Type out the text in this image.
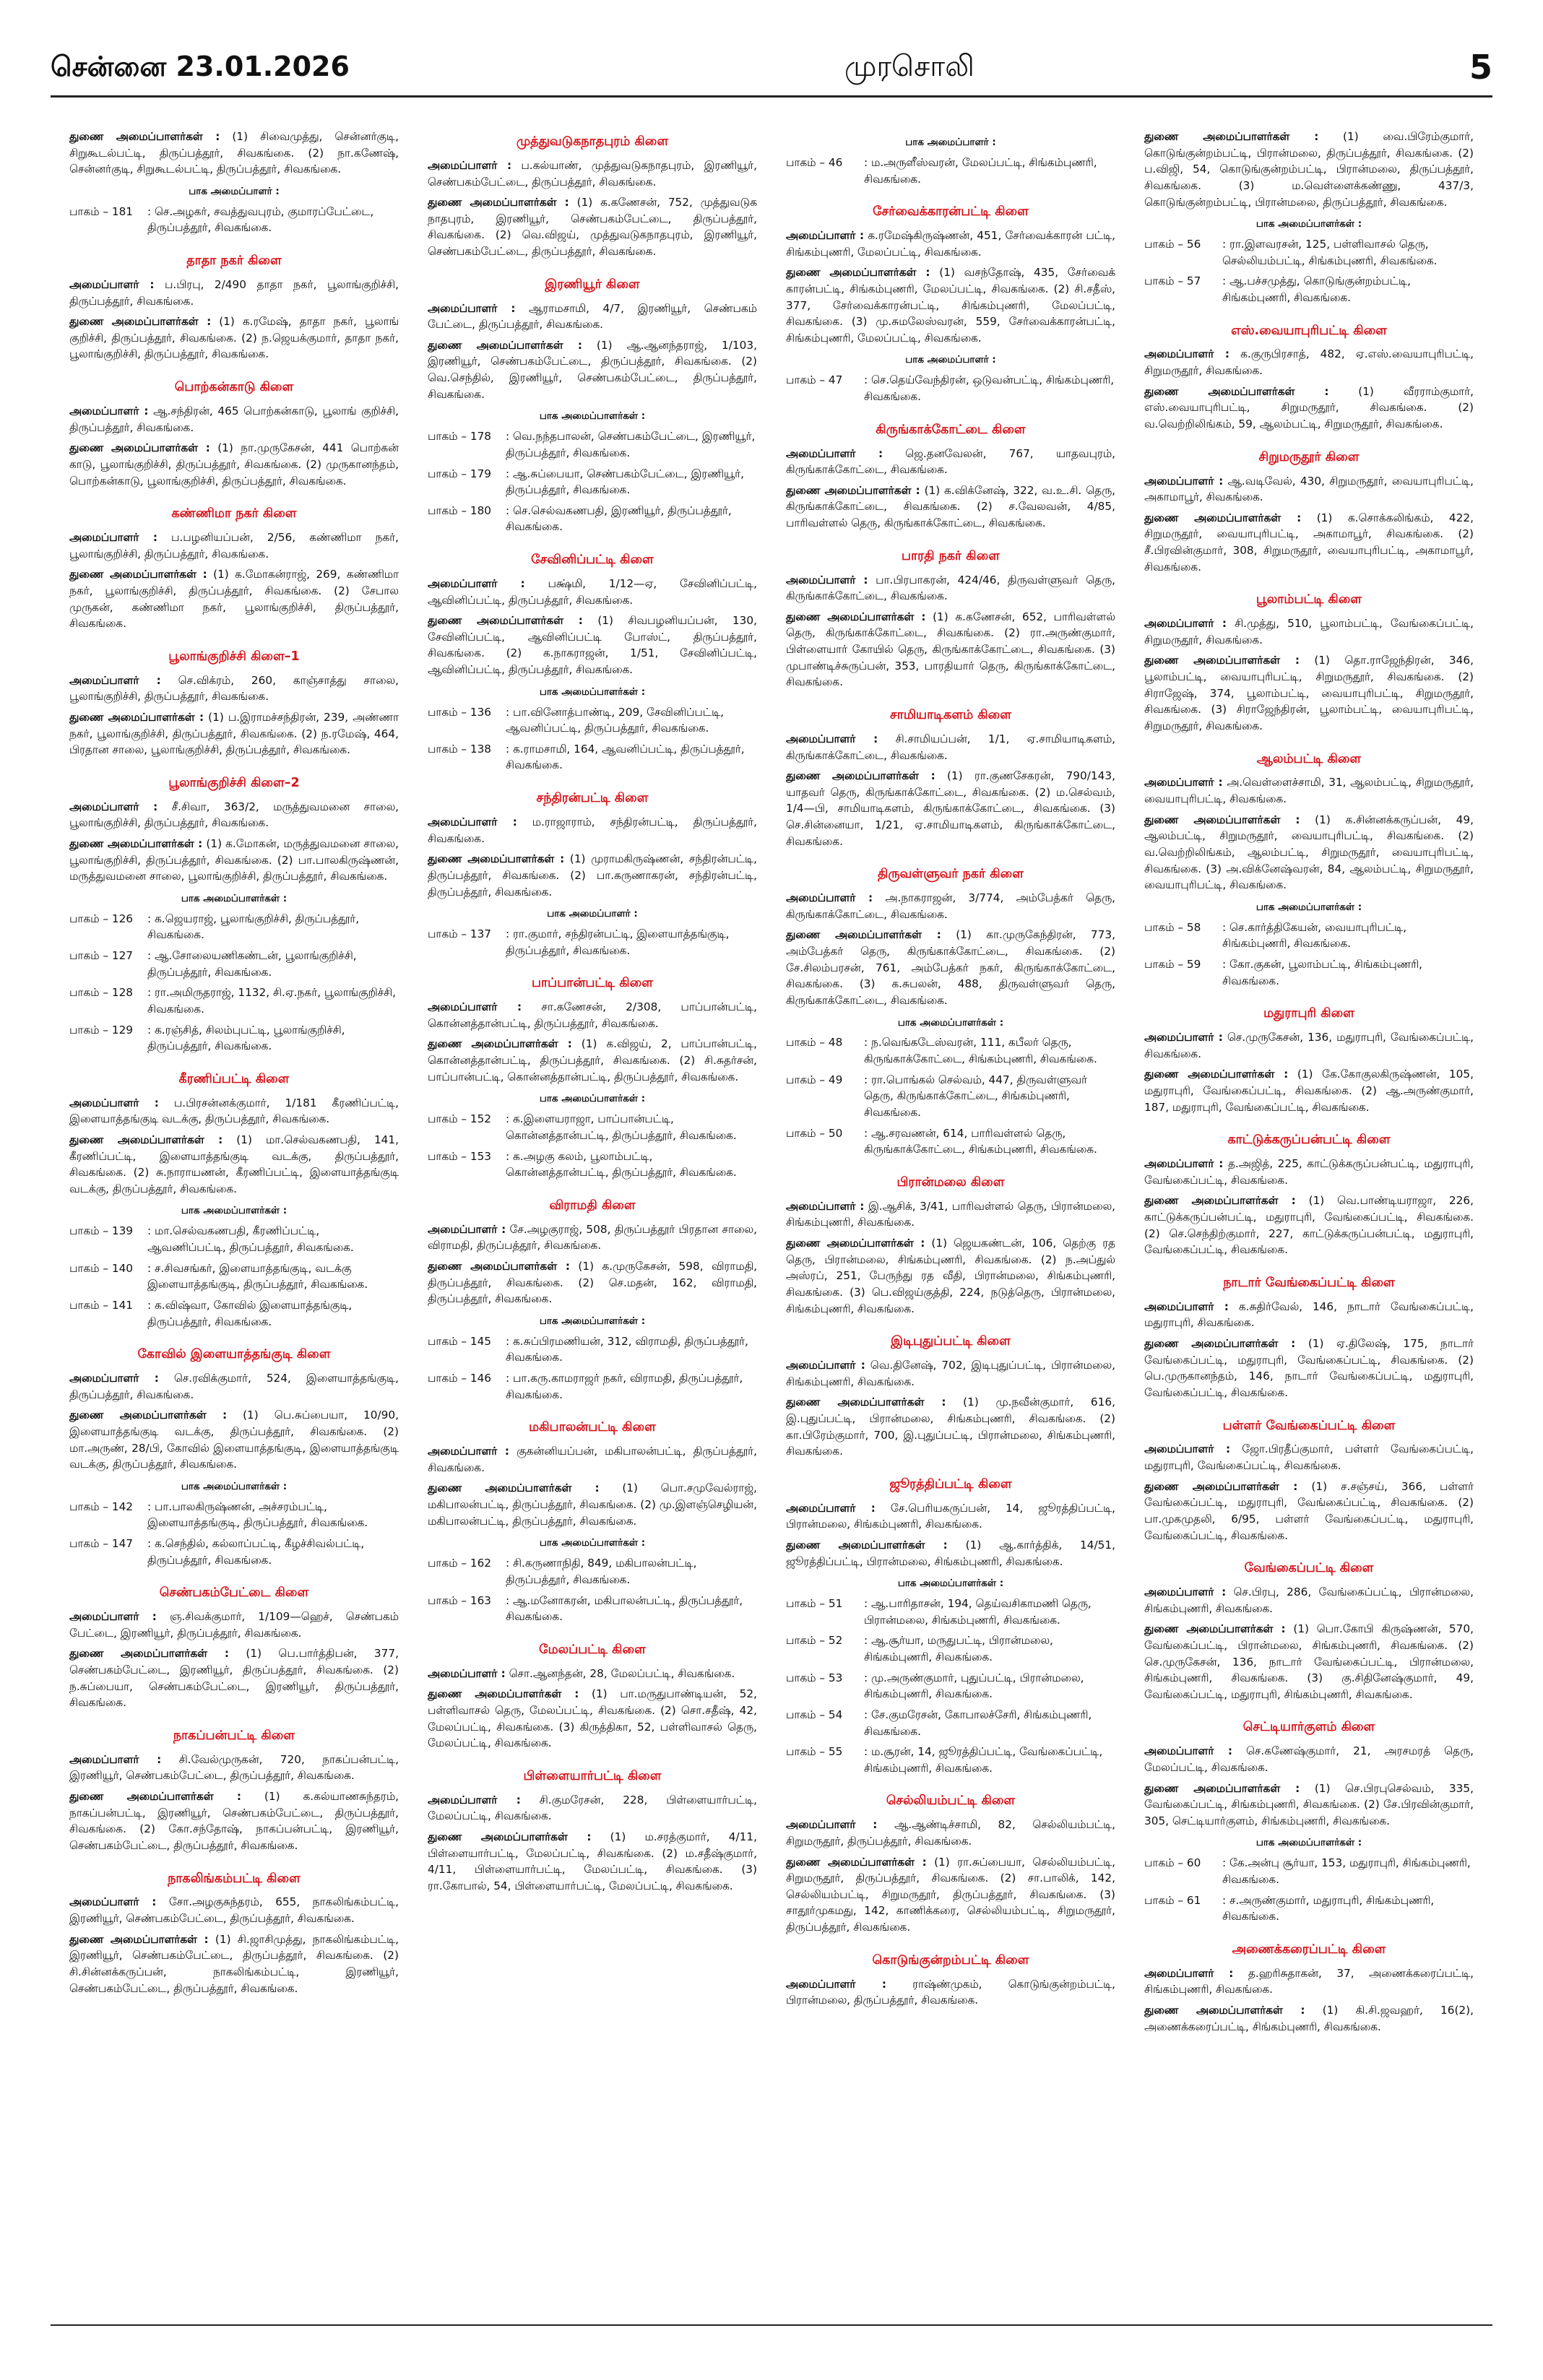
சென்னை 23.01.2026	முரசொலி	5
துணை அமைப்பாளர்கள் : (1) சிவைமுத்து, சென்னர்குடி, சிறுகூடல்பட்டி, திருப்பத்தூர், சிவகங்கை. (2) நா.கணேஷ், சென்னர்குடி, சிறுகூடல்பட்டி, திருப்பத்தூர், சிவகங்கை.
பாக அமைப்பாளர் :
பாகம் – 181	: செ.அழகர், சவத்துவபுரம், குமாரப்பேட்டை, திருப்பத்தூர், சிவகங்கை.
தாதா நகர் கிளை
அமைப்பாளர் : ப.பிரபு, 2/490 தாதா நகர், பூலாங்குறிச்சி, திருப்பத்தூர், சிவகங்கை.
துணை அமைப்பாளர்கள் : (1) க.ரமேஷ், தாதா நகர், பூலாங் குறிச்சி, திருப்பத்தூர், சிவகங்கை. (2) ந.ஜெயக்குமார், தாதா நகர், பூலாங்குறிச்சி, திருப்பத்தூர், சிவகங்கை.
பொற்கன்காடு கிளை
அமைப்பாளர் : ஆ.சந்திரன், 465 பொற்கன்காடு, பூலாங் குறிச்சி, திருப்பத்தூர், சிவகங்கை.
துணை அமைப்பாளர்கள் : (1) நா.முருகேசன், 441 பொற்கன் காடு, பூலாங்குறிச்சி, திருப்பத்தூர், சிவகங்கை. (2) முருகானந்தம், பொற்கன்காடு, பூலாங்குறிச்சி, திருப்பத்தூர், சிவகங்கை.
கண்ணிமா நகர் கிளை
அமைப்பாளர் : ப.பழனியப்பன், 2/56, கண்ணிமா நகர், பூலாங்குறிச்சி, திருப்பத்தூர், சிவகங்கை.
துணை அமைப்பாளர்கள் : (1) க.மோகன்ராஜ், 269, கண்ணிமா நகர், பூலாங்குறிச்சி, திருப்பத்தூர், சிவகங்கை. (2) சேபால முருகன், கண்ணிமா நகர், பூலாங்குறிச்சி, திருப்பத்தூர், சிவகங்கை.
பூலாங்குறிச்சி கிளை–1
அமைப்பாளர் : செ.விக்ரம், 260, காஞ்சாத்து சாலை, பூலாங்குறிச்சி, திருப்பத்தூர், சிவகங்கை.
துணை அமைப்பாளர்கள் : (1) ப.இராமச்சந்திரன், 239, அண்ணா நகர், பூலாங்குறிச்சி, திருப்பத்தூர், சிவகங்கை. (2) ந.ரமேஷ், 464, பிரதான சாலை, பூலாங்குறிச்சி, திருப்பத்தூர், சிவகங்கை.
பூலாங்குறிச்சி கிளை–2
அமைப்பாளர் : சீ.சிவா, 363/2, மருத்துவமனை சாலை, பூலாங்குறிச்சி, திருப்பத்தூர், சிவகங்கை.
துணை அமைப்பாளர்கள் : (1) க.மோகன், மருத்துவமனை சாலை, பூலாங்குறிச்சி, திருப்பத்தூர், சிவகங்கை. (2) பா.பாலகிருஷ்ணன், மருத்துவமனை சாலை, பூலாங்குறிச்சி, திருப்பத்தூர், சிவகங்கை.
பாக அமைப்பாளர்கள் :
பாகம் – 126	: க.ஜெயராஜ், பூலாங்குறிச்சி, திருப்பத்தூர், சிவகங்கை.
பாகம் – 127	: ஆ.சோலையணிகண்டன், பூலாங்குறிச்சி, திருப்பத்தூர், சிவகங்கை.
பாகம் – 128	: ரா.அமிருதராஜ், 1132, சி.ஏ.நகர், பூலாங்குறிச்சி, சிவகங்கை.
பாகம் – 129	: க.ரஞ்சித், சிலம்புபட்டி, பூலாங்குறிச்சி, திருப்பத்தூர், சிவகங்கை.
கீரணிப்பட்டி கிளை
அமைப்பாளர் : ப.பிரசன்னக்குமார், 1/181 கீரணிப்பட்டி, இளையாத்தங்குடி வடக்கு, திருப்பத்தூர், சிவகங்கை.
துணை அமைப்பாளர்கள் : (1) மா.செல்வகணபதி, 141, கீரணிப்பட்டி, இளையாத்தங்குடி வடக்கு, திருப்பத்தூர், சிவகங்கை. (2) சு.நாராயணன், கீரணிப்பட்டி, இளையாத்தங்குடி வடக்கு, திருப்பத்தூர், சிவகங்கை.
பாக அமைப்பாளர்கள் :
பாகம் – 139	: மா.செல்வகணபதி, கீரணிப்பட்டி, ஆவணிப்பட்டி, திருப்பத்தூர், சிவகங்கை.
பாகம் – 140	: ச.சிவசங்கர், இளையாத்தங்குடி, வடக்கு இளையாத்தங்குடி, திருப்பத்தூர், சிவகங்கை.
பாகம் – 141	: க.விஷ்வா, கோவில் இளையாத்தங்குடி, திருப்பத்தூர், சிவகங்கை.
கோவில் இளையாத்தங்குடி கிளை
அமைப்பாளர் : செ.ரவிக்குமார், 524, இளையாத்தங்குடி, திருப்பத்தூர், சிவகங்கை.
துணை அமைப்பாளர்கள் : (1) பெ.சுப்பையா, 10/90, இளையாத்தங்குடி வடக்கு, திருப்பத்தூர், சிவகங்கை. (2) மா.அருண், 28/பி, கோவில் இளையாத்தங்குடி, இளையாத்தங்குடி வடக்கு, திருப்பத்தூர், சிவகங்கை.
பாக அமைப்பாளர்கள் :
பாகம் – 142	: பா.பாலகிருஷ்ணன், அச்சரம்பட்டி, இளையாத்தங்குடி, திருப்பத்தூர், சிவகங்கை.
பாகம் – 147	: க.செந்தில், கல்லாப்பட்டி, கீழச்சிவல்பட்டி, திருப்பத்தூர், சிவகங்கை.
செண்பகம்பேட்டை கிளை
அமைப்பாளர் : ஞ.சிவக்குமார், 1/109—ஹெச், செண்பகம் பேட்டை, இரணியூர், திருப்பத்தூர், சிவகங்கை.
துணை அமைப்பாளர்கள் : (1) பெ.பார்த்திபன், 377, செண்பகம்பேட்டை, இரணியூர், திருப்பத்தூர், சிவகங்கை. (2) ந.சுப்பையா, செண்பகம்பேட்டை, இரணியூர், திருப்பத்தூர், சிவகங்கை.
நாகப்பன்பட்டி கிளை
அமைப்பாளர் : சி.வேல்முருகன், 720, நாகப்பன்பட்டி, இரணியூர், செண்பகம்பேட்டை, திருப்பத்தூர், சிவகங்கை.
துணை அமைப்பாளர்கள் : (1) க.கல்யாணசுந்தரம், நாகப்பன்பட்டி, இரணியூர், செண்பகம்பேட்டை, திருப்பத்தூர், சிவகங்கை. (2) கோ.சந்தோஷ், நாகப்பன்பட்டி, இரணியூர், செண்பகம்பேட்டை, திருப்பத்தூர், சிவகங்கை.
நாகலிங்கம்பட்டி கிளை
அமைப்பாளர் : சோ.அழகுசுந்தரம், 655, நாகலிங்கம்பட்டி, இரணியூர், செண்பகம்பேட்டை, திருப்பத்தூர், சிவகங்கை.
துணை அமைப்பாளர்கள் : (1) சி.ஜாசிமுத்து, நாகலிங்கம்பட்டி, இரணியூர், செண்பகம்பேட்டை, திருப்பத்தூர், சிவகங்கை. (2) சி.சின்னக்கருப்பன், நாகலிங்கம்பட்டி, இரணியூர், செண்பகம்பேட்டை, திருப்பத்தூர், சிவகங்கை.
முத்துவடுகநாதபுரம் கிளை
அமைப்பாளர் : ப.கல்யாண், முத்துவடுகநாதபுரம், இரணியூர், செண்பகம்பேட்டை, திருப்பத்தூர், சிவகங்கை.
துணை அமைப்பாளர்கள் : (1) க.கணேசன், 752, முத்துவடுக நாதபுரம், இரணியூர், செண்பகம்பேட்டை, திருப்பத்தூர், சிவகங்கை. (2) வெ.விஜய், முத்துவடுகநாதபுரம், இரணியூர், செண்பகம்பேட்டை, திருப்பத்தூர், சிவகங்கை.
இரணியூர் கிளை
அமைப்பாளர் : ஆராமசாமி, 4/7, இரணியூர், செண்பகம் பேட்டை, திருப்பத்தூர், சிவகங்கை.
துணை அமைப்பாளர்கள் : (1) ஆ.ஆனந்தராஜ், 1/103, இரணியூர், செண்பகம்பேட்டை, திருப்பத்தூர், சிவகங்கை. (2) வெ.செந்தில், இரணியூர், செண்பகம்பேட்டை, திருப்பத்தூர், சிவகங்கை.
பாக அமைப்பாளர்கள் :
பாகம் – 178	: வெ.நந்தபாலன், செண்பகம்பேட்டை, இரணியூர், திருப்பத்தூர், சிவகங்கை.
பாகம் – 179	: ஆ.சுப்பையா, செண்பகம்பேட்டை, இரணியூர், திருப்பத்தூர், சிவகங்கை.
பாகம் – 180	: செ.செல்வகணபதி, இரணியூர், திருப்பத்தூர், சிவகங்கை.
சேவினிப்பட்டி கிளை
அமைப்பாளர் : பக்ஷ்மி, 1/12—ஏ, சேவினிப்பட்டி, ஆவினிப்பட்டி, திருப்பத்தூர், சிவகங்கை.
துணை அமைப்பாளர்கள் : (1) சிவபழனியப்பன், 130, சேவினிப்பட்டி, ஆவினிப்பட்டி போஸ்ட், திருப்பத்தூர், சிவகங்கை. (2) க.நாகராஜன், 1/51, சேவினிப்பட்டி, ஆவினிப்பட்டி, திருப்பத்தூர், சிவகங்கை.
பாக அமைப்பாளர்கள் :
பாகம் – 136	: பா.வினோத்பாண்டி, 209, சேவினிப்பட்டி, ஆவனிப்பட்டி, திருப்பத்தூர், சிவகங்கை.
பாகம் – 138	: க.ராமசாமி, 164, ஆவனிப்பட்டி, திருப்பத்தூர், சிவகங்கை.
சந்திரன்பட்டி கிளை
அமைப்பாளர் : ம.ராஜாராம், சந்திரன்பட்டி, திருப்பத்தூர், சிவகங்கை.
துணை அமைப்பாளர்கள் : (1) முராமகிருஷ்ணன், சந்திரன்பட்டி, திருப்பத்தூர், சிவகங்கை. (2) பா.கருணாகரன், சந்திரன்பட்டி, திருப்பத்தூர், சிவகங்கை.
பாக அமைப்பாளர் :
பாகம் – 137	: ரா.குமார், சந்திரன்பட்டி, இளையாத்தங்குடி, திருப்பத்தூர், சிவகங்கை.
பாப்பான்பட்டி கிளை
அமைப்பாளர் : சா.கணேசன், 2/308, பாப்பான்பட்டி, கொன்னத்தான்பட்டி, திருப்பத்தூர், சிவகங்கை.
துணை அமைப்பாளர்கள் : (1) க.விஜய், 2, பாப்பான்பட்டி, கொன்னத்தான்பட்டி, திருப்பத்தூர், சிவகங்கை. (2) சி.சுதர்சன், பாப்பான்பட்டி, கொன்னத்தான்பட்டி, திருப்பத்தூர், சிவகங்கை.
பாக அமைப்பாளர்கள் :
பாகம் – 152	: க.இளையராஜா, பாப்பான்பட்டி, கொன்னத்தான்பட்டி, திருப்பத்தூர், சிவகங்கை.
பாகம் – 153	: க.அழகு கலம், பூலாம்பட்டி, கொன்னத்தான்பட்டி, திருப்பத்தூர், சிவகங்கை.
விராமதி கிளை
அமைப்பாளர் : சே.அழகுராஜ், 508, திருப்பத்தூர் பிரதான சாலை, விராமதி, திருப்பத்தூர், சிவகங்கை.
துணை அமைப்பாளர்கள் : (1) க.முருகேசன், 598, விராமதி, திருப்பத்தூர், சிவகங்கை. (2) செ.மதன், 162, விராமதி, திருப்பத்தூர், சிவகங்கை.
பாக அமைப்பாளர்கள் :
பாகம் – 145	: க.சுப்பிரமணியன், 312, விராமதி, திருப்பத்தூர், சிவகங்கை.
பாகம் – 146	: பா.கரு.காமராஜர் நகர், விராமதி, திருப்பத்தூர், சிவகங்கை.
மகிபாலன்பட்டி கிளை
அமைப்பாளர் : குகன்னியப்பன், மகிபாலன்பட்டி, திருப்பத்தூர், சிவகங்கை.
துணை அமைப்பாளர்கள் : (1) பொ.சமுவேல்ராஜ், மகிபாலன்பட்டி, திருப்பத்தூர், சிவகங்கை. (2) மு.இளஞ்செழியன், மகிபாலன்பட்டி, திருப்பத்தூர், சிவகங்கை.
பாக அமைப்பாளர்கள் :
பாகம் – 162	: சி.கருணாநிதி, 849, மகிபாலன்பட்டி, திருப்பத்தூர், சிவகங்கை.
பாகம் – 163	: ஆ.மனோகரன், மகிபாலன்பட்டி, திருப்பத்தூர், சிவகங்கை.
மேலப்பட்டி கிளை
அமைப்பாளர் : சொ.ஆனந்தன், 28, மேலப்பட்டி, சிவகங்கை.
துணை அமைப்பாளர்கள் : (1) பா.மருதுபாண்டியன், 52, பள்ளிவாசல் தெரு, மேலப்பட்டி, சிவகங்கை. (2) சொ.சதீஷ், 42, மேலப்பட்டி, சிவகங்கை. (3) கிருத்திகா, 52, பள்ளிவாசல் தெரு, மேலப்பட்டி, சிவகங்கை.
பிள்ளையார்பட்டி கிளை
அமைப்பாளர் : சி.குமரேசன், 228, பிள்ளையார்பட்டி, மேலப்பட்டி, சிவகங்கை.
துணை அமைப்பாளர்கள் : (1) ம.சரத்குமார், 4/11, பிள்ளையார்பட்டி, மேலப்பட்டி, சிவகங்கை. (2) ம.சதீஷ்குமார், 4/11, பிள்ளையார்பட்டி, மேலப்பட்டி, சிவகங்கை. (3) ரா.கோபால், 54, பிள்ளையார்பட்டி, மேலப்பட்டி, சிவகங்கை.
பாக அமைப்பாளர் :
பாகம் – 46	: ம.அருளீஸ்வரன், மேலப்பட்டி, சிங்கம்புணரி, சிவகங்கை.
சேர்வைக்காரன்பட்டி கிளை
அமைப்பாளர் : க.ரமேஷ்கிருஷ்ணன், 451, சேர்வைக்காரன் பட்டி, சிங்கம்புணரி, மேலப்பட்டி, சிவகங்கை.
துணை அமைப்பாளர்கள் : (1) வசந்தோஷ், 435, சேர்வைக் காரன்பட்டி, சிங்கம்புணரி, மேலப்பட்டி, சிவகங்கை. (2) சி.சதீஸ், 377, சேர்வைக்காரன்பட்டி, சிங்கம்புணரி, மேலப்பட்டி, சிவகங்கை. (3) மு.சுமலேஸ்வரன், 559, சேர்வைக்காரன்பட்டி, சிங்கம்புணரி, மேலப்பட்டி, சிவகங்கை.
பாக அமைப்பாளர் :
பாகம் – 47	: செ.தெய்வேந்திரன், ஒடுவன்பட்டி, சிங்கம்புணரி, சிவகங்கை.
கிருங்காக்கோட்டை கிளை
அமைப்பாளர் : ஜெ.தனவேலன், 767, யாதவபுரம், கிருங்காக்கோட்டை, சிவகங்கை.
துணை அமைப்பாளர்கள் : (1) க.விக்னேஷ், 322, வ.உ.சி. தெரு, கிருங்காக்கோட்டை, சிவகங்கை. (2) ச.வேலவன், 4/85, பாரிவள்ளல் தெரு, கிருங்காக்கோட்டை, சிவகங்கை.
பாரதி நகர் கிளை
அமைப்பாளர் : பா.பிரபாகரன், 424/46, திருவள்ளுவர் தெரு, கிருங்காக்கோட்டை, சிவகங்கை.
துணை அமைப்பாளர்கள் : (1) க.கணேசன், 652, பாரிவள்ளல் தெரு, கிருங்காக்கோட்டை, சிவகங்கை. (2) ரா.அருண்குமார், பிள்ளையார் கோயில் தெரு, கிருங்காக்கோட்டை, சிவகங்கை. (3) முபாண்டிச்சுருப்பன், 353, பாரதியார் தெரு, கிருங்காக்கோட்டை, சிவகங்கை.
சாமியாடிகளம் கிளை
அமைப்பாளர் : சி.சாமியப்பன், 1/1, ஏ.சாமியாடிகளம், கிருங்காக்கோட்டை, சிவகங்கை.
துணை அமைப்பாளர்கள் : (1) ரா.குணசேகரன், 790/143, யாதவர் தெரு, கிருங்காக்கோட்டை, சிவகங்கை. (2) ம.செல்வம், 1/4—பி, சாமியாடிகளம், கிருங்காக்கோட்டை, சிவகங்கை. (3) செ.சின்னையா, 1/21, ஏ.சாமியாடிகளம், கிருங்காக்கோட்டை, சிவகங்கை.
திருவள்ளுவர் நகர் கிளை
அமைப்பாளர் : அ.நாகராஜன், 3/774, அம்பேத்கர் தெரு, கிருங்காக்கோட்டை, சிவகங்கை.
துணை அமைப்பாளர்கள் : (1) கா.முருகேந்திரன், 773, அம்பேத்கர் தெரு, கிருங்காக்கோட்டை, சிவகங்கை. (2) சே.சிலம்பரசன், 761, அம்பேத்கர் நகர், கிருங்காக்கோட்டை, சிவகங்கை. (3) க.சுபலன், 488, திருவள்ளுவர் தெரு, கிருங்காக்கோட்டை, சிவகங்கை.
பாக அமைப்பாளர்கள் :
பாகம் – 48	: ந.வெங்கடேஸ்வரன், 111, கபீலர் தெரு, கிருங்காக்கோட்டை, சிங்கம்புணரி, சிவகங்கை.
பாகம் – 49	: ரா.பொங்கல் செல்வம், 447, திருவள்ளுவர் தெரு, கிருங்காக்கோட்டை, சிங்கம்புணரி, சிவகங்கை.
பாகம் – 50	: ஆ.சரவணன், 614, பாரிவள்ளல் தெரு, கிருங்காக்கோட்டை, சிங்கம்புணரி, சிவகங்கை.
பிரான்மலை கிளை
அமைப்பாளர் : இ.ஆசிக், 3/41, பாரிவள்ளல் தெரு, பிரான்மலை, சிங்கம்புணரி, சிவகங்கை.
துணை அமைப்பாளர்கள் : (1) ஜெயகண்டன், 106, தெற்கு ரத தெரு, பிரான்மலை, சிங்கம்புணரி, சிவகங்கை. (2) ந.அப்துல் அஸ்ரப், 251, பேருந்து ரத வீதி, பிரான்மலை, சிங்கம்புணரி, சிவகங்கை. (3) பெ.விஜய்குத்தி, 224, நடுத்தெரு, பிரான்மலை, சிங்கம்புணரி, சிவகங்கை.
இடிபுதுப்பட்டி கிளை
அமைப்பாளர் : வெ.தினேஷ், 702, இடிபுதுப்பட்டி, பிரான்மலை, சிங்கம்புணரி, சிவகங்கை.
துணை அமைப்பாளர்கள் : (1) மு.நவீன்குமார், 616, இ.புதுப்பட்டி, பிரான்மலை, சிங்கம்புணரி, சிவகங்கை. (2) கா.பிரேம்குமார், 700, இ.புதுப்பட்டி, பிரான்மலை, சிங்கம்புணரி, சிவகங்கை.
ஜூரத்திப்பட்டி கிளை
அமைப்பாளர் : சே.பெரியகருப்பன், 14, ஜூரத்திப்பட்டி, பிரான்மலை, சிங்கம்புணரி, சிவகங்கை.
துணை அமைப்பாளர்கள் : (1) ஆ.கார்த்திக், 14/51, ஜூரத்திப்பட்டி, பிரான்மலை, சிங்கம்புணரி, சிவகங்கை.
பாக அமைப்பாளர்கள் :
பாகம் – 51	: ஆ.பாரிதாசன், 194, தெய்வசிகாமணி தெரு, பிரான்மலை, சிங்கம்புணரி, சிவகங்கை.
பாகம் – 52	: ஆ.சூர்யா, மருதுபட்டி, பிரான்மலை, சிங்கம்புணரி, சிவகங்கை.
பாகம் – 53	: மு.அருண்குமார், புதுப்பட்டி, பிரான்மலை, சிங்கம்புணரி, சிவகங்கை.
பாகம் – 54	: சே.குமரேசன், கோபாலச்சேரி, சிங்கம்புணரி, சிவகங்கை.
பாகம் – 55	: ம.சூரன், 14, ஜூரத்திப்பட்டி, வேங்கைப்பட்டி, சிங்கம்புணரி, சிவகங்கை.
செல்லியம்பட்டி கிளை
அமைப்பாளர் : ஆ.ஆண்டிச்சாமி, 82, செல்லியம்பட்டி, சிறுமருதூர், திருப்பத்தூர், சிவகங்கை.
துணை அமைப்பாளர்கள் : (1) ரா.சுப்பையா, செல்லியம்பட்டி, சிறுமருதூர், திருப்பத்தூர், சிவகங்கை. (2) சா.பாலிக், 142, செல்லியம்பட்டி, சிறுமருதூர், திருப்பத்தூர், சிவகங்கை. (3) சாதூர்முகமது, 142, காணிக்கரை, செல்லியம்பட்டி, சிறுமருதூர், திருப்பத்தூர், சிவகங்கை.
கொடுங்குன்றம்பட்டி கிளை
அமைப்பாளர் : ராஷ்ண்முகம், கொடுங்குன்றம்பட்டி, பிரான்மலை, திருப்பத்தூர், சிவகங்கை.
துணை அமைப்பாளர்கள் : (1) வை.பிரேம்குமார், கொடுங்குன்றம்பட்டி, பிரான்மலை, திருப்பத்தூர், சிவகங்கை. (2) ப.விஜி, 54, கொடுங்குன்றம்பட்டி, பிரான்மலை, திருப்பத்தூர், சிவகங்கை. (3) ம.வெள்ளைக்கண்ணு, 437/3, கொடுங்குன்றம்பட்டி, பிரான்மலை, திருப்பத்தூர், சிவகங்கை.
பாக அமைப்பாளர்கள் :
பாகம் – 56	: ரா.இளவரசன், 125, பள்ளிவாசல் தெரு, செல்லியம்பட்டி, சிங்கம்புணரி, சிவகங்கை.
பாகம் – 57	: ஆ.பச்சமுத்து, கொடுங்குன்றம்பட்டி, சிங்கம்புணரி, சிவகங்கை.
எஸ்.வையாபுரிபட்டி கிளை
அமைப்பாளர் : க.குருபிரசாத், 482, ஏ.எஸ்.வையாபுரிபட்டி, சிறுமருதூர், சிவகங்கை.
துணை அமைப்பாளர்கள் :	(1) வீரராம்குமார், எஸ்.வையாபுரிபட்டி, சிறுமருதூர், சிவகங்கை. (2) வ.வெற்றிலிங்கம், 59, ஆலம்பட்டி, சிறுமருதூர், சிவகங்கை.
சிறுமருதூர் கிளை
அமைப்பாளர் : ஆ.வடிவேல், 430, சிறுமருதூர், வையாபுரிபட்டி, அகாமாபூர், சிவகங்கை.
துணை அமைப்பாளர்கள் : (1) க.சொக்கலிங்கம், 422, சிறுமருதூர், வையாபுரிபட்டி, அகாமாபூர், சிவகங்கை. (2) சீ.பிரவின்குமார், 308, சிறுமருதூர், வையாபுரிபட்டி, அகாமாபூர், சிவகங்கை.
பூலாம்பட்டி கிளை
அமைப்பாளர் : சி.முத்து, 510, பூலாம்பட்டி, வேங்கைப்பட்டி, சிறுமருதூர், சிவகங்கை.
துணை அமைப்பாளர்கள் : (1) தொ.ராஜேந்திரன், 346, பூலாம்பட்டி, வையாபுரிபட்டி, சிறுமருதூர், சிவகங்கை. (2) சிராஜேஷ், 374, பூலாம்பட்டி, வையாபுரிபட்டி, சிறுமருதூர், சிவகங்கை. (3) சிராஜேந்திரன், பூலாம்பட்டி, வையாபுரிபட்டி, சிறுமருதூர், சிவகங்கை.
ஆலம்பட்டி கிளை
அமைப்பாளர் : அ.வெள்ளைச்சாமி, 31, ஆலம்பட்டி, சிறுமருதூர், வையாபுரிபட்டி, சிவகங்கை.
துணை அமைப்பாளர்கள் : (1) க.சின்னக்கருப்பன், 49, ஆலம்பட்டி, சிறுமருதூர், வையாபுரிபட்டி, சிவகங்கை. (2) வ.வெற்றிலிங்கம், ஆலம்பட்டி, சிறுமருதூர், வையாபுரிபட்டி, சிவகங்கை. (3) அ.விக்னேஷ்வரன், 84, ஆலம்பட்டி, சிறுமருதூர், வையாபுரிபட்டி, சிவகங்கை.
பாக அமைப்பாளர்கள் :
பாகம் – 58	: செ.கார்த்திகேயன், வையாபுரிபட்டி, சிங்கம்புணரி, சிவகங்கை.
பாகம் – 59	: கோ.குகன், பூலாம்பட்டி, சிங்கம்புணரி, சிவகங்கை.
மதுராபுரி கிளை
அமைப்பாளர் : செ.முருகேசன், 136, மதுராபுரி, வேங்கைப்பட்டி, சிவகங்கை.
துணை அமைப்பாளர்கள் : (1) கே.கோகுலகிருஷ்ணன், 105, மதுராபுரி, வேங்கைப்பட்டி, சிவகங்கை. (2) ஆ.அருண்குமார், 187, மதுராபுரி, வேங்கைப்பட்டி, சிவகங்கை.
காட்டுக்கருப்பன்பட்டி கிளை
அமைப்பாளர் : த.அஜித், 225, காட்டுக்கருப்பன்பட்டி, மதுராபுரி, வேங்கைப்பட்டி, சிவகங்கை.
துணை அமைப்பாளர்கள் : (1) வெ.பாண்டியராஜா, 226, காட்டுக்கருப்பன்பட்டி, மதுராபுரி, வேங்கைப்பட்டி, சிவகங்கை. (2) செ.செந்திற்குமார், 227, காட்டுக்கருப்பன்பட்டி, மதுராபுரி, வேங்கைப்பட்டி, சிவகங்கை.
நாடார் வேங்கைப்பட்டி கிளை
அமைப்பாளர் : க.சுதிர்வேல், 146, நாடார் வேங்கைப்பட்டி, மதுராபுரி, சிவகங்கை.
துணை அமைப்பாளர்கள் : (1) ஏ.திலேஷ், 175, நாடார் வேங்கைப்பட்டி, மதுராபுரி, வேங்கைப்பட்டி, சிவகங்கை. (2) பெ.முருகானந்தம், 146, நாடார் வேங்கைப்பட்டி, மதுராபுரி, வேங்கைப்பட்டி, சிவகங்கை.
பள்ளர் வேங்கைப்பட்டி கிளை
அமைப்பாளர் : ஜோ.பிரதீப்குமார், பள்ளர் வேங்கைப்பட்டி, மதுராபுரி, வேங்கைப்பட்டி, சிவகங்கை.
துணை அமைப்பாளர்கள் : (1) ச.சஞ்சய், 366, பள்ளர் வேங்கைப்பட்டி, மதுராபுரி, வேங்கைப்பட்டி, சிவகங்கை. (2) பா.முகமுதலி, 6/95, பள்ளர் வேங்கைப்பட்டி, மதுராபுரி, வேங்கைப்பட்டி, சிவகங்கை.
வேங்கைப்பட்டி கிளை
அமைப்பாளர் : செ.பிரபு, 286, வேங்கைப்பட்டி, பிரான்மலை, சிங்கம்புணரி, சிவகங்கை.
துணை அமைப்பாளர்கள் : (1) பொ.கோபி கிருஷ்ணன், 570, வேங்கைப்பட்டி, பிரான்மலை, சிங்கம்புணரி, சிவகங்கை. (2) செ.முருகேசன், 136, நாடார் வேங்கைப்பட்டி, பிரான்மலை, சிங்கம்புணரி, சிவகங்கை. (3) கு.சிதினேஷ்குமார், 49, வேங்கைப்பட்டி, மதுராபுரி, சிங்கம்புணரி, சிவகங்கை.
செட்டியார்குளம் கிளை
அமைப்பாளர் : செ.கணேஷ்குமார், 21, அரசமரத் தெரு, மேலப்பட்டி, சிவகங்கை.
துணை அமைப்பாளர்கள் : (1) செ.பிரபுசெல்வம், 335, வேங்கைப்பட்டி, சிங்கம்புணரி, சிவகங்கை. (2) சே.பிரவின்குமார், 305, செட்டியார்குளம், சிங்கம்புணரி, சிவகங்கை.
பாக அமைப்பாளர்கள் :
பாகம் – 60	: கே.அன்பு சூர்யா, 153, மதுராபுரி, சிங்கம்புணரி, சிவகங்கை.
பாகம் – 61	: ச.அருண்குமார், மதுராபுரி, சிங்கம்புணரி, சிவகங்கை.
அணைக்கரைப்பட்டி கிளை
அமைப்பாளர் : த.ஹரிசுதாகன், 37, அணைக்கரைப்பட்டி, சிங்கம்புணரி, சிவகங்கை.
துணை அமைப்பாளர்கள் : (1) கி.சி.ஜவஹர், 16(2), அணைக்கரைப்பட்டி, சிங்கம்புணரி, சிவகங்கை.
